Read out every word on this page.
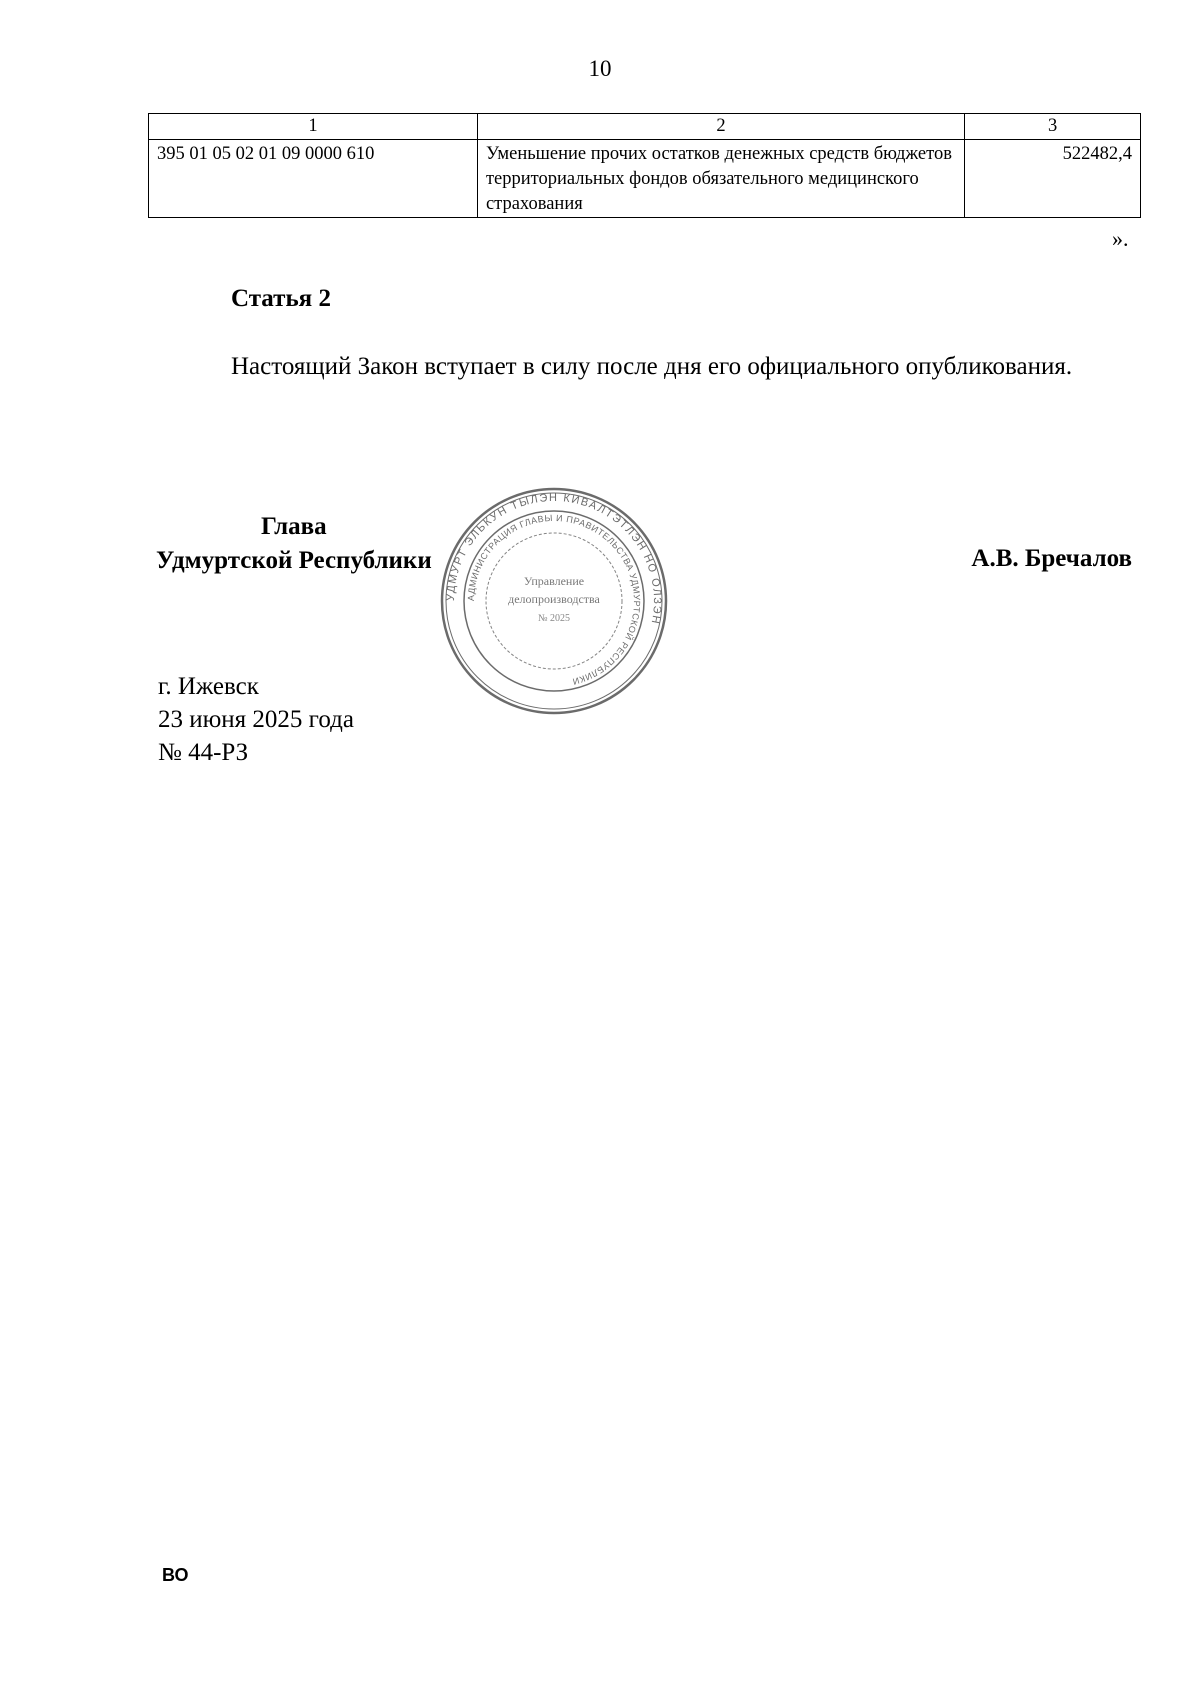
10
1	2	3
395 01 05 02 01 09 0000 610	Уменьшение прочих остатков денежных средств бюджетов территориальных фондов обязательного медицинского страхования	522482,4
».
Статья 2
Настоящий Закон вступает в силу после дня его официального опубликования.
Глава
Удмуртской Республики
УДМУРТ ЭЛЬКУН ТЫЛЭН КИВАЛТЭТЛЭН НО ОЛЗЭН
АДМИНИСТРАЦИЯ ГЛАВЫ И ПРАВИТЕЛЬСТВА УДМУРТСКОЙ РЕСПУБЛИКИ
Управление
делопроизводства
№ 2025
А.В. Бречалов
г. Ижевск
23 июня 2025 года
№ 44-РЗ
ВО
